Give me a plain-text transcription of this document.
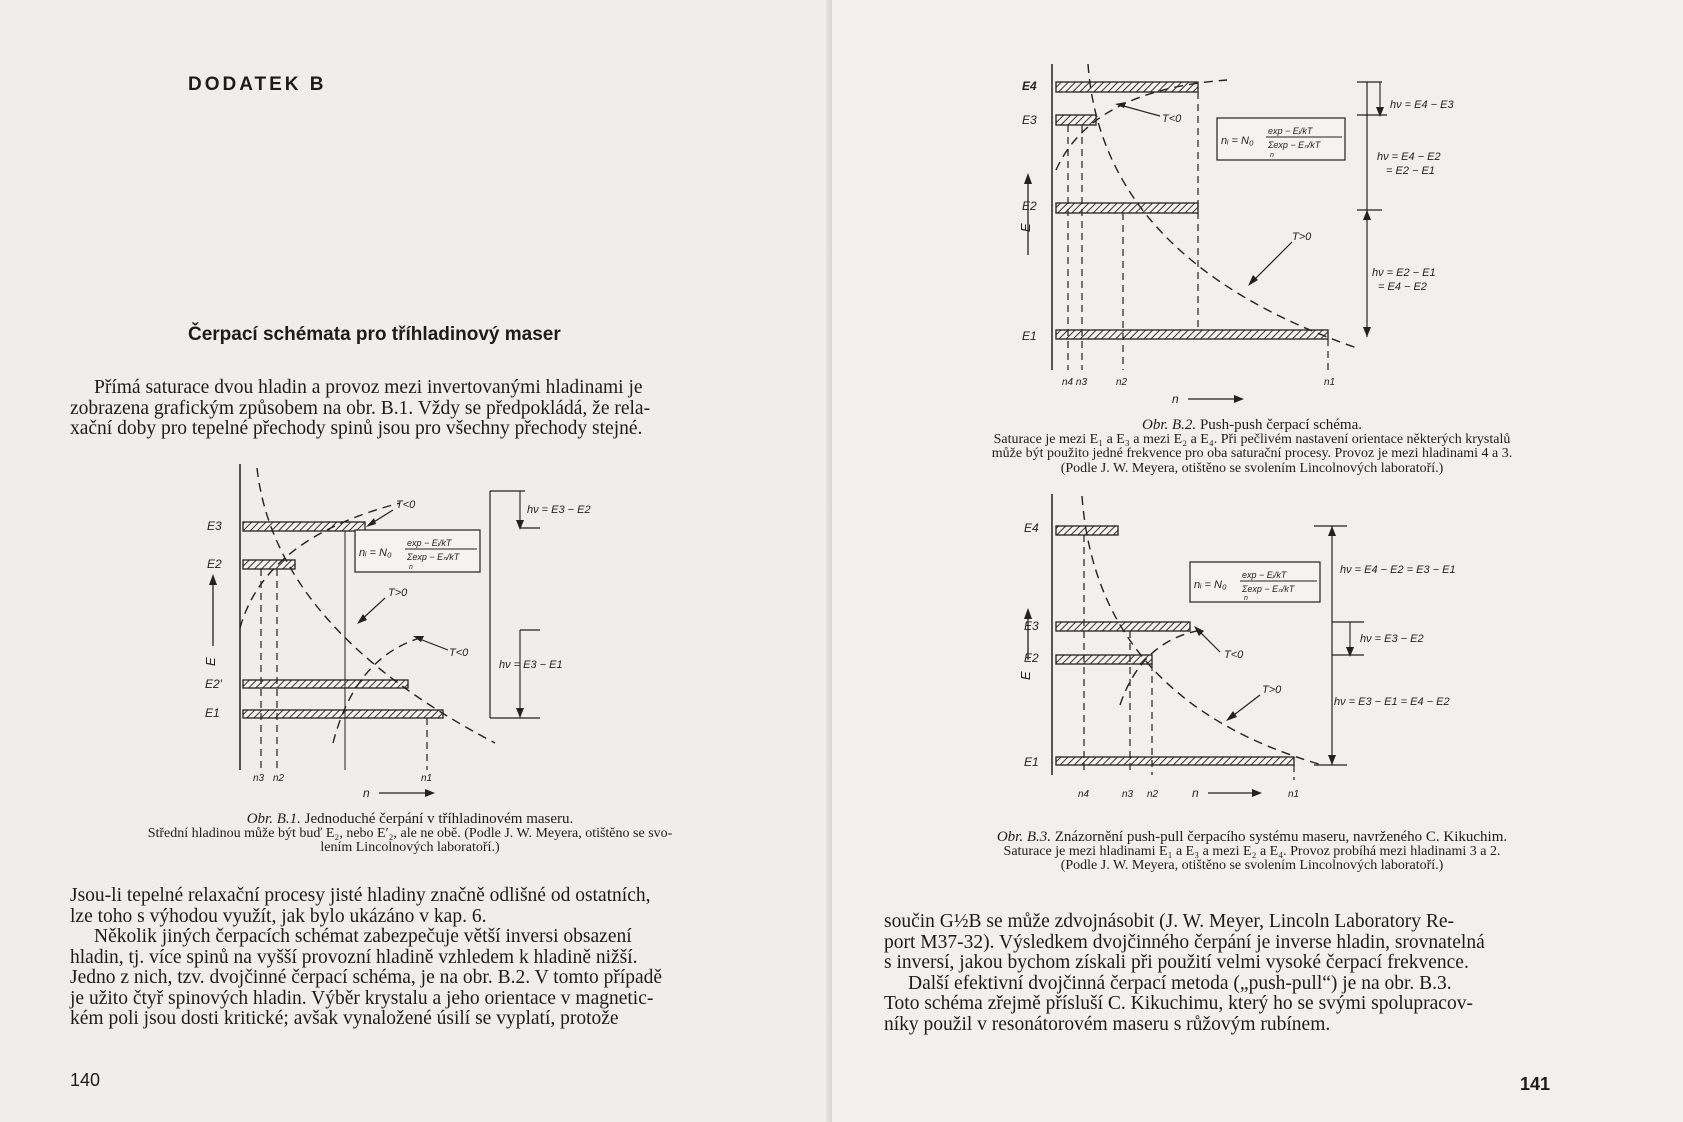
DODATEK B
Čerpací schémata pro tříhladinový maser

Přímá saturace dvou hladin a provoz mezi invertovanými hladinami je

zobrazena grafickým způsobem na obr. B.1. Vždy se předpokládá, že rela-

xační doby pro tepelné přechody spinů jsou pro všechny přechody stejné.

E
E3
E2
E2′
E1
nᵢ = N₀
exp − Eᵢ/kT
Σexp − Eₙ/kT
n
T<0
T>0
T<0
hν = E3 − E2
hν = E3 − E1
n3 n2	n1
n
Obr. B.1. Jednoduché čerpání v tříhladinovém maseru.
Střední hladinou může být buď E₂, nebo E′₂, ale ne obě. (Podle J. W. Meyera, otištěno se svo-
lením Lincolnových laboratoří.)

Jsou-li tepelné relaxační procesy jisté hladiny značně odlišné od ostatních,

lze toho s výhodou využít, jak bylo ukázáno v kap. 6.

Několik jiných čerpacích schémat zabezpečuje větší inversi obsazení

hladin, tj. více spinů na vyšší provozní hladině vzhledem k hladině nižší.

Jedno z nich, tzv. dvojčinné čerpací schéma, je na obr. B.2. V tomto případě

je užito čtyř spinových hladin. Výběr krystalu a jeho orientace v magnetic-

kém poli jsou dosti kritické; avšak vynaložené úsilí se vyplatí, protože

140
E
E4
E3
E2
E1
nᵢ = N₀
exp − Eᵢ/kT
Σexp − Eₙ/kT
n
T<0
T>0
hν = E4 − E3
hν = E4 − E2
= E2 − E1
hν = E2 − E1
= E4 − E2
n4 n3	n2	n1
n
Obr. B.2. Push-push čerpací schéma.
Saturace je mezi E₁ a E₃ a mezi E₂ a E₄. Při pečlivém nastavení orientace některých krystalů
může být použito jedné frekvence pro oba saturační procesy. Provoz je mezi hladinami 4 a 3.
(Podle J. W. Meyera, otištěno se svolením Lincolnových laboratoří.)
E
E4
E3
E2
E1
nᵢ = N₀
exp − Eᵢ/kT
Σexp − Eₙ/kT
n
T<0
T>0
hν = E4 − E2 = E3 − E1
hν = E3 − E2
hν = E3 − E1 = E4 − E2
n4	n3 n2	n1
n
Obr. B.3. Znázornění push-pull čerpacího systému maseru, navrženého C. Kikuchim.
Saturace je mezi hladinami E₁ a E₃ a mezi E₂ a E₄. Provoz probíhá mezi hladinami 3 a 2.
(Podle J. W. Meyera, otištěno se svolením Lincolnových laboratoří.)

součin G½B se může zdvojnásobit (J. W. Meyer, Lincoln Laboratory Re-

port M37-32). Výsledkem dvojčinného čerpání je inverse hladin, srovnatelná

s inversí, jakou bychom získali při použití velmi vysoké čerpací frekvence.

Další efektivní dvojčinná čerpací metoda („push-pull“) je na obr. B.3.

Toto schéma zřejmě přísluší C. Kikuchimu, který ho se svými spolupracov-

níky použil v resonátorovém maseru s růžovým rubínem.

141
